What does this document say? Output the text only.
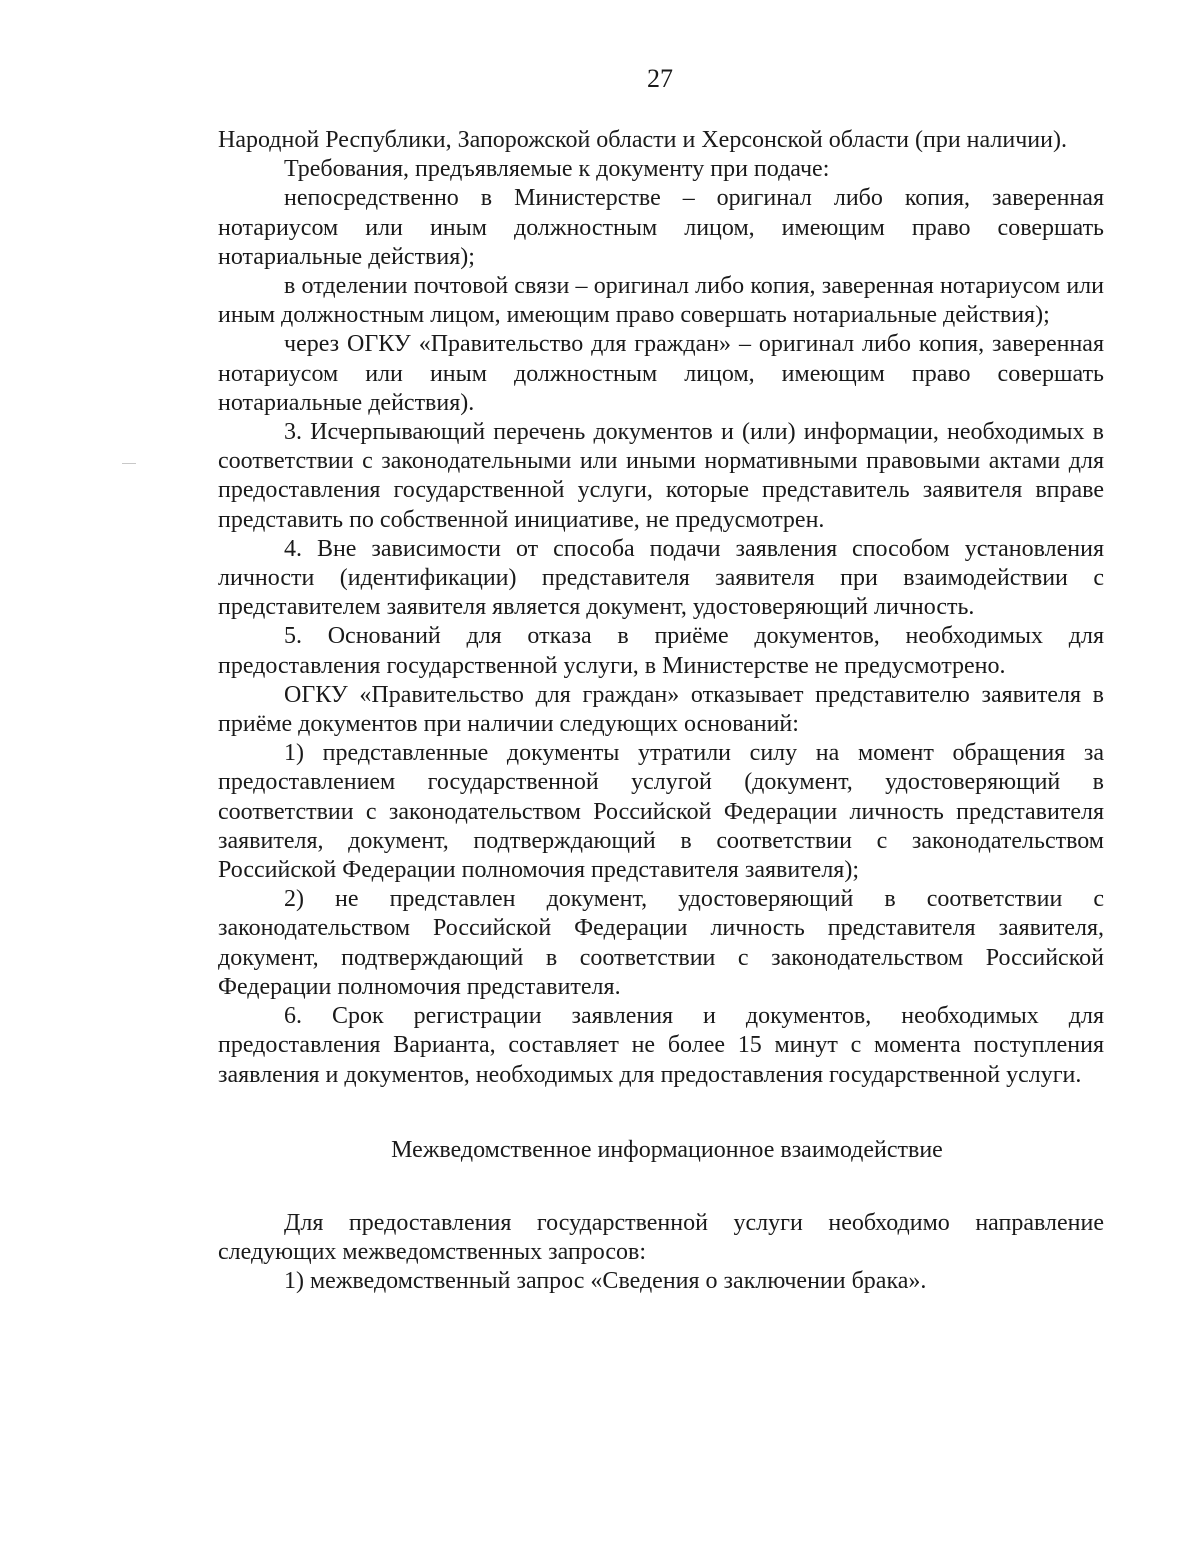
27

Народной Республики, Запорожской области и Херсонской области (при наличии).

Требования, предъявляемые к документу при подаче:

непосредственно в Министерстве – оригинал либо копия, заверенная нотариусом или иным должностным лицом, имеющим право совершать нотариальные действия);

в отделении почтовой связи – оригинал либо копия, заверенная нотариусом или иным должностным лицом, имеющим право совершать нотариальные действия);

через ОГКУ «Правительство для граждан» – оригинал либо копия, заверенная нотариусом или иным должностным лицом, имеющим право совершать нотариальные действия).

3. Исчерпывающий перечень документов и (или) информации, необходимых в соответствии с законодательными или иными нормативными правовыми актами для предоставления государственной услуги, которые представитель заявителя вправе представить по собственной инициативе, не предусмотрен.

4. Вне зависимости от способа подачи заявления способом установления личности (идентификации) представителя заявителя при взаимодействии с представителем заявителя является документ, удостоверяющий личность.

5. Оснований для отказа в приёме документов, необходимых для предоставления государственной услуги, в Министерстве не предусмотрено.

ОГКУ «Правительство для граждан» отказывает представителю заявителя в приёме документов при наличии следующих оснований:

1) представленные документы утратили силу на момент обращения за предоставлением государственной услугой (документ, удостоверяющий в соответствии с законодательством Российской Федерации личность представителя заявителя, документ, подтверждающий в соответствии с законодательством Российской Федерации полномочия представителя заявителя);

2) не представлен документ, удостоверяющий в соответствии с законодательством Российской Федерации личность представителя заявителя, документ, подтверждающий в соответствии с законодательством Российской Федерации полномочия представителя.

6. Срок регистрации заявления и документов, необходимых для предоставления Варианта, составляет не более 15 минут с момента поступления заявления и документов, необходимых для предоставления государственной услуги.

Межведомственное информационное взаимодействие

Для предоставления государственной услуги необходимо направление следующих межведомственных запросов:

1) межведомственный запрос «Сведения о заключении брака».
